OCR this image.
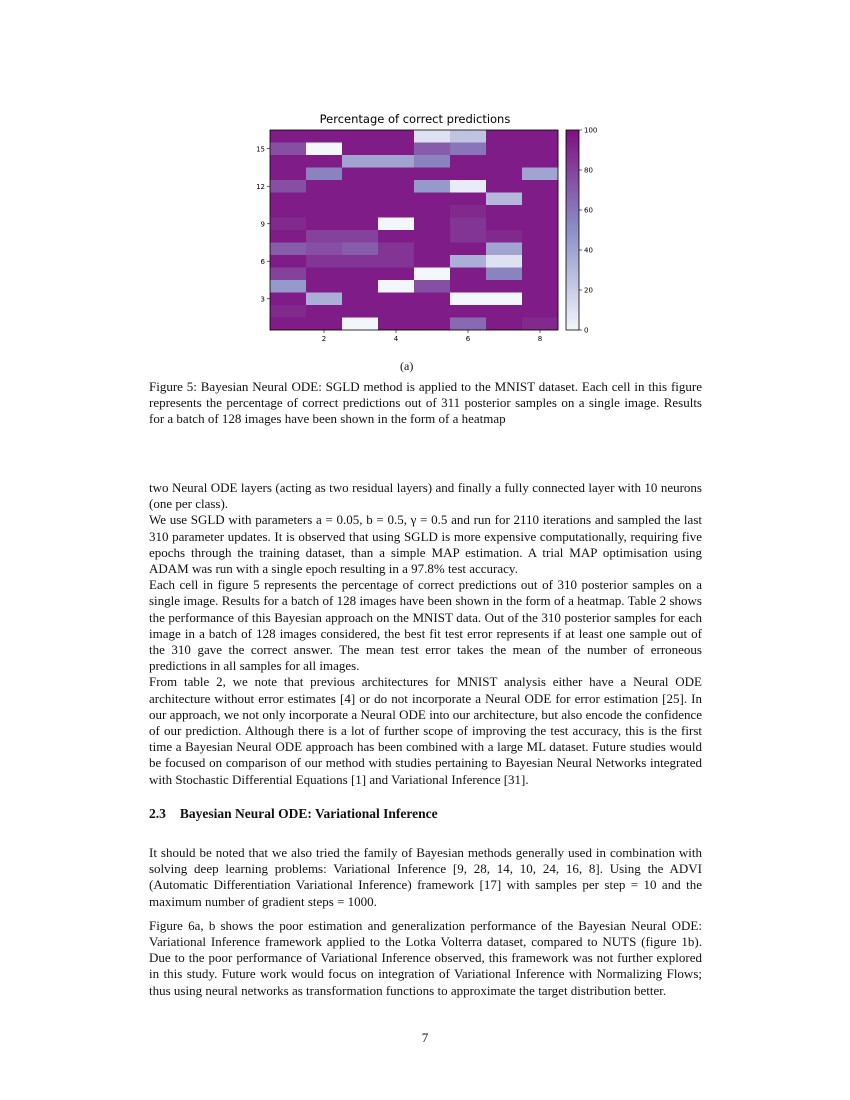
Percentage of correct predictions
2	4	6	8
3
6
9
12
15
0
20
40
60
80
100
(a)
Figure 5: Bayesian Neural ODE: SGLD method is applied to the MNIST dataset. Each cell in this figure represents the percentage of correct predictions out of 311 posterior samples on a single image. Results for a batch of 128 images have been shown in the form of a heatmap

two Neural ODE layers (acting as two residual layers) and finally a fully connected layer with 10 neurons (one per class).

We use SGLD with parameters a = 0.05, b = 0.5, γ = 0.5 and run for 2110 iterations and sampled the last 310 parameter updates. It is observed that using SGLD is more expensive computationally, requiring five epochs through the training dataset, than a simple MAP estimation. A trial MAP optimisation using ADAM was run with a single epoch resulting in a 97.8% test accuracy.

Each cell in figure 5 represents the percentage of correct predictions out of 310 posterior samples on a single image. Results for a batch of 128 images have been shown in the form of a heatmap. Table 2 shows the performance of this Bayesian approach on the MNIST data. Out of the 310 posterior samples for each image in a batch of 128 images considered, the best fit test error represents if at least one sample out of the 310 gave the correct answer. The mean test error takes the mean of the number of erroneous predictions in all samples for all images.

From table 2, we note that previous architectures for MNIST analysis either have a Neural ODE architecture without error estimates [4] or do not incorporate a Neural ODE for error estimation [25]. In our approach, we not only incorporate a Neural ODE into our architecture, but also encode the confidence of our prediction. Although there is a lot of further scope of improving the test accuracy, this is the first time a Bayesian Neural ODE approach has been combined with a large ML dataset. Future studies would be focused on comparison of our method with studies pertaining to Bayesian Neural Networks integrated with Stochastic Differential Equations [1] and Variational Inference [31].

2.3 Bayesian Neural ODE: Variational Inference

It should be noted that we also tried the family of Bayesian methods generally used in combination with solving deep learning problems: Variational Inference [9, 28, 14, 10, 24, 16, 8]. Using the ADVI (Automatic Differentiation Variational Inference) framework [17] with samples per step = 10 and the maximum number of gradient steps = 1000.

Figure 6a, b shows the poor estimation and generalization performance of the Bayesian Neural ODE: Variational Inference framework applied to the Lotka Volterra dataset, compared to NUTS (figure 1b). Due to the poor performance of Variational Inference observed, this framework was not further explored in this study. Future work would focus on integration of Variational Inference with Normalizing Flows; thus using neural networks as transformation functions to approximate the target distribution better.

7
